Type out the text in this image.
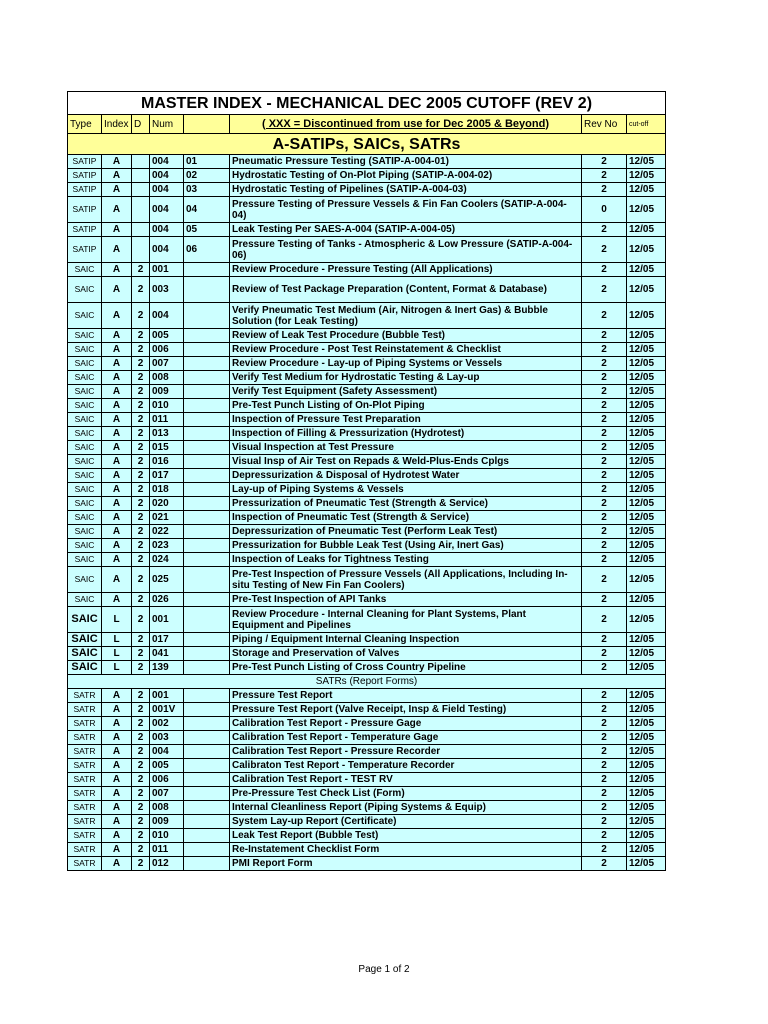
MASTER INDEX - MECHANICAL DEC 2005 CUTOFF (REV 2)							
Type	Index	D	Num		( XXX = Discontinued from use for Dec 2005 & Beyond)	Rev No	cut-off
A-SATIPs, SAICs, SATRs							
SATIP	A		004	01	Pneumatic Pressure Testing (SATIP-A-004-01)	2	12/05
SATIP	A		004	02	Hydrostatic Testing of On-Plot Piping (SATIP-A-004-02)	2	12/05
SATIP	A		004	03	Hydrostatic Testing of Pipelines (SATIP-A-004-03)	2	12/05
SATIP	A		004	04	Pressure Testing of Pressure Vessels & Fin Fan Coolers (SATIP-A-004-04)	0	12/05
SATIP	A		004	05	Leak Testing Per SAES-A-004 (SATIP-A-004-05)	2	12/05
SATIP	A		004	06	Pressure Testing of Tanks - Atmospheric & Low Pressure (SATIP-A-004-06)	2	12/05
SAIC	A	2	001		Review Procedure - Pressure Testing (All Applications)	2	12/05
SAIC	A	2	003		Review of Test Package Preparation (Content, Format & Database)	2	12/05
SAIC	A	2	004		Verify Pneumatic Test Medium (Air, Nitrogen & Inert Gas) & Bubble Solution (for Leak Testing)	2	12/05
SAIC	A	2	005		Review of Leak Test Procedure (Bubble Test)	2	12/05
SAIC	A	2	006		Review Procedure - Post Test Reinstatement & Checklist	2	12/05
SAIC	A	2	007		Review Procedure - Lay-up of Piping Systems or Vessels	2	12/05
SAIC	A	2	008		Verify Test Medium for Hydrostatic Testing & Lay-up	2	12/05
SAIC	A	2	009		Verify Test Equipment (Safety Assessment)	2	12/05
SAIC	A	2	010		Pre-Test Punch Listing of On-Plot Piping	2	12/05
SAIC	A	2	011		Inspection of Pressure Test Preparation	2	12/05
SAIC	A	2	013		Inspection of Filling & Pressurization (Hydrotest)	2	12/05
SAIC	A	2	015		Visual Inspection at Test Pressure	2	12/05
SAIC	A	2	016		Visual Insp of Air Test on Repads & Weld-Plus-Ends Cplgs	2	12/05
SAIC	A	2	017		Depressurization & Disposal of Hydrotest Water	2	12/05
SAIC	A	2	018		Lay-up of Piping Systems & Vessels	2	12/05
SAIC	A	2	020		Pressurization of Pneumatic Test (Strength & Service)	2	12/05
SAIC	A	2	021		Inspection of Pneumatic Test (Strength & Service)	2	12/05
SAIC	A	2	022		Depressurization of Pneumatic Test (Perform Leak Test)	2	12/05
SAIC	A	2	023		Pressurization for Bubble Leak Test (Using Air, Inert Gas)	2	12/05
SAIC	A	2	024		Inspection of Leaks for Tightness Testing	2	12/05
SAIC	A	2	025		Pre-Test Inspection of Pressure Vessels (All Applications, Including In-situ Testing of New Fin Fan Coolers)	2	12/05
SAIC	A	2	026		Pre-Test Inspection of API Tanks	2	12/05
SAIC	L	2	001		Review Procedure - Internal Cleaning for Plant Systems, Plant Equipment and Pipelines	2	12/05
SAIC	L	2	017		Piping / Equipment Internal Cleaning Inspection	2	12/05
SAIC	L	2	041		Storage and Preservation of Valves	2	12/05
SAIC	L	2	139		Pre-Test Punch Listing of Cross Country Pipeline	2	12/05
SATRs (Report Forms)							
SATR	A	2	001		Pressure Test Report	2	12/05
SATR	A	2	001V		Pressure Test Report (Valve Receipt, Insp & Field Testing)	2	12/05
SATR	A	2	002		Calibration Test Report - Pressure Gage	2	12/05
SATR	A	2	003		Calibration Test Report - Temperature Gage	2	12/05
SATR	A	2	004		Calibration Test Report - Pressure Recorder	2	12/05
SATR	A	2	005		Calibraton Test Report - Temperature Recorder	2	12/05
SATR	A	2	006		Calibration Test Report - TEST RV	2	12/05
SATR	A	2	007		Pre-Pressure Test Check List (Form)	2	12/05
SATR	A	2	008		Internal Cleanliness Report (Piping Systems & Equip)	2	12/05
SATR	A	2	009		System Lay-up Report (Certificate)	2	12/05
SATR	A	2	010		Leak Test Report (Bubble Test)	2	12/05
SATR	A	2	011		Re-Instatement Checklist Form	2	12/05
SATR	A	2	012		PMI Report Form	2	12/05
Page 1 of 2
